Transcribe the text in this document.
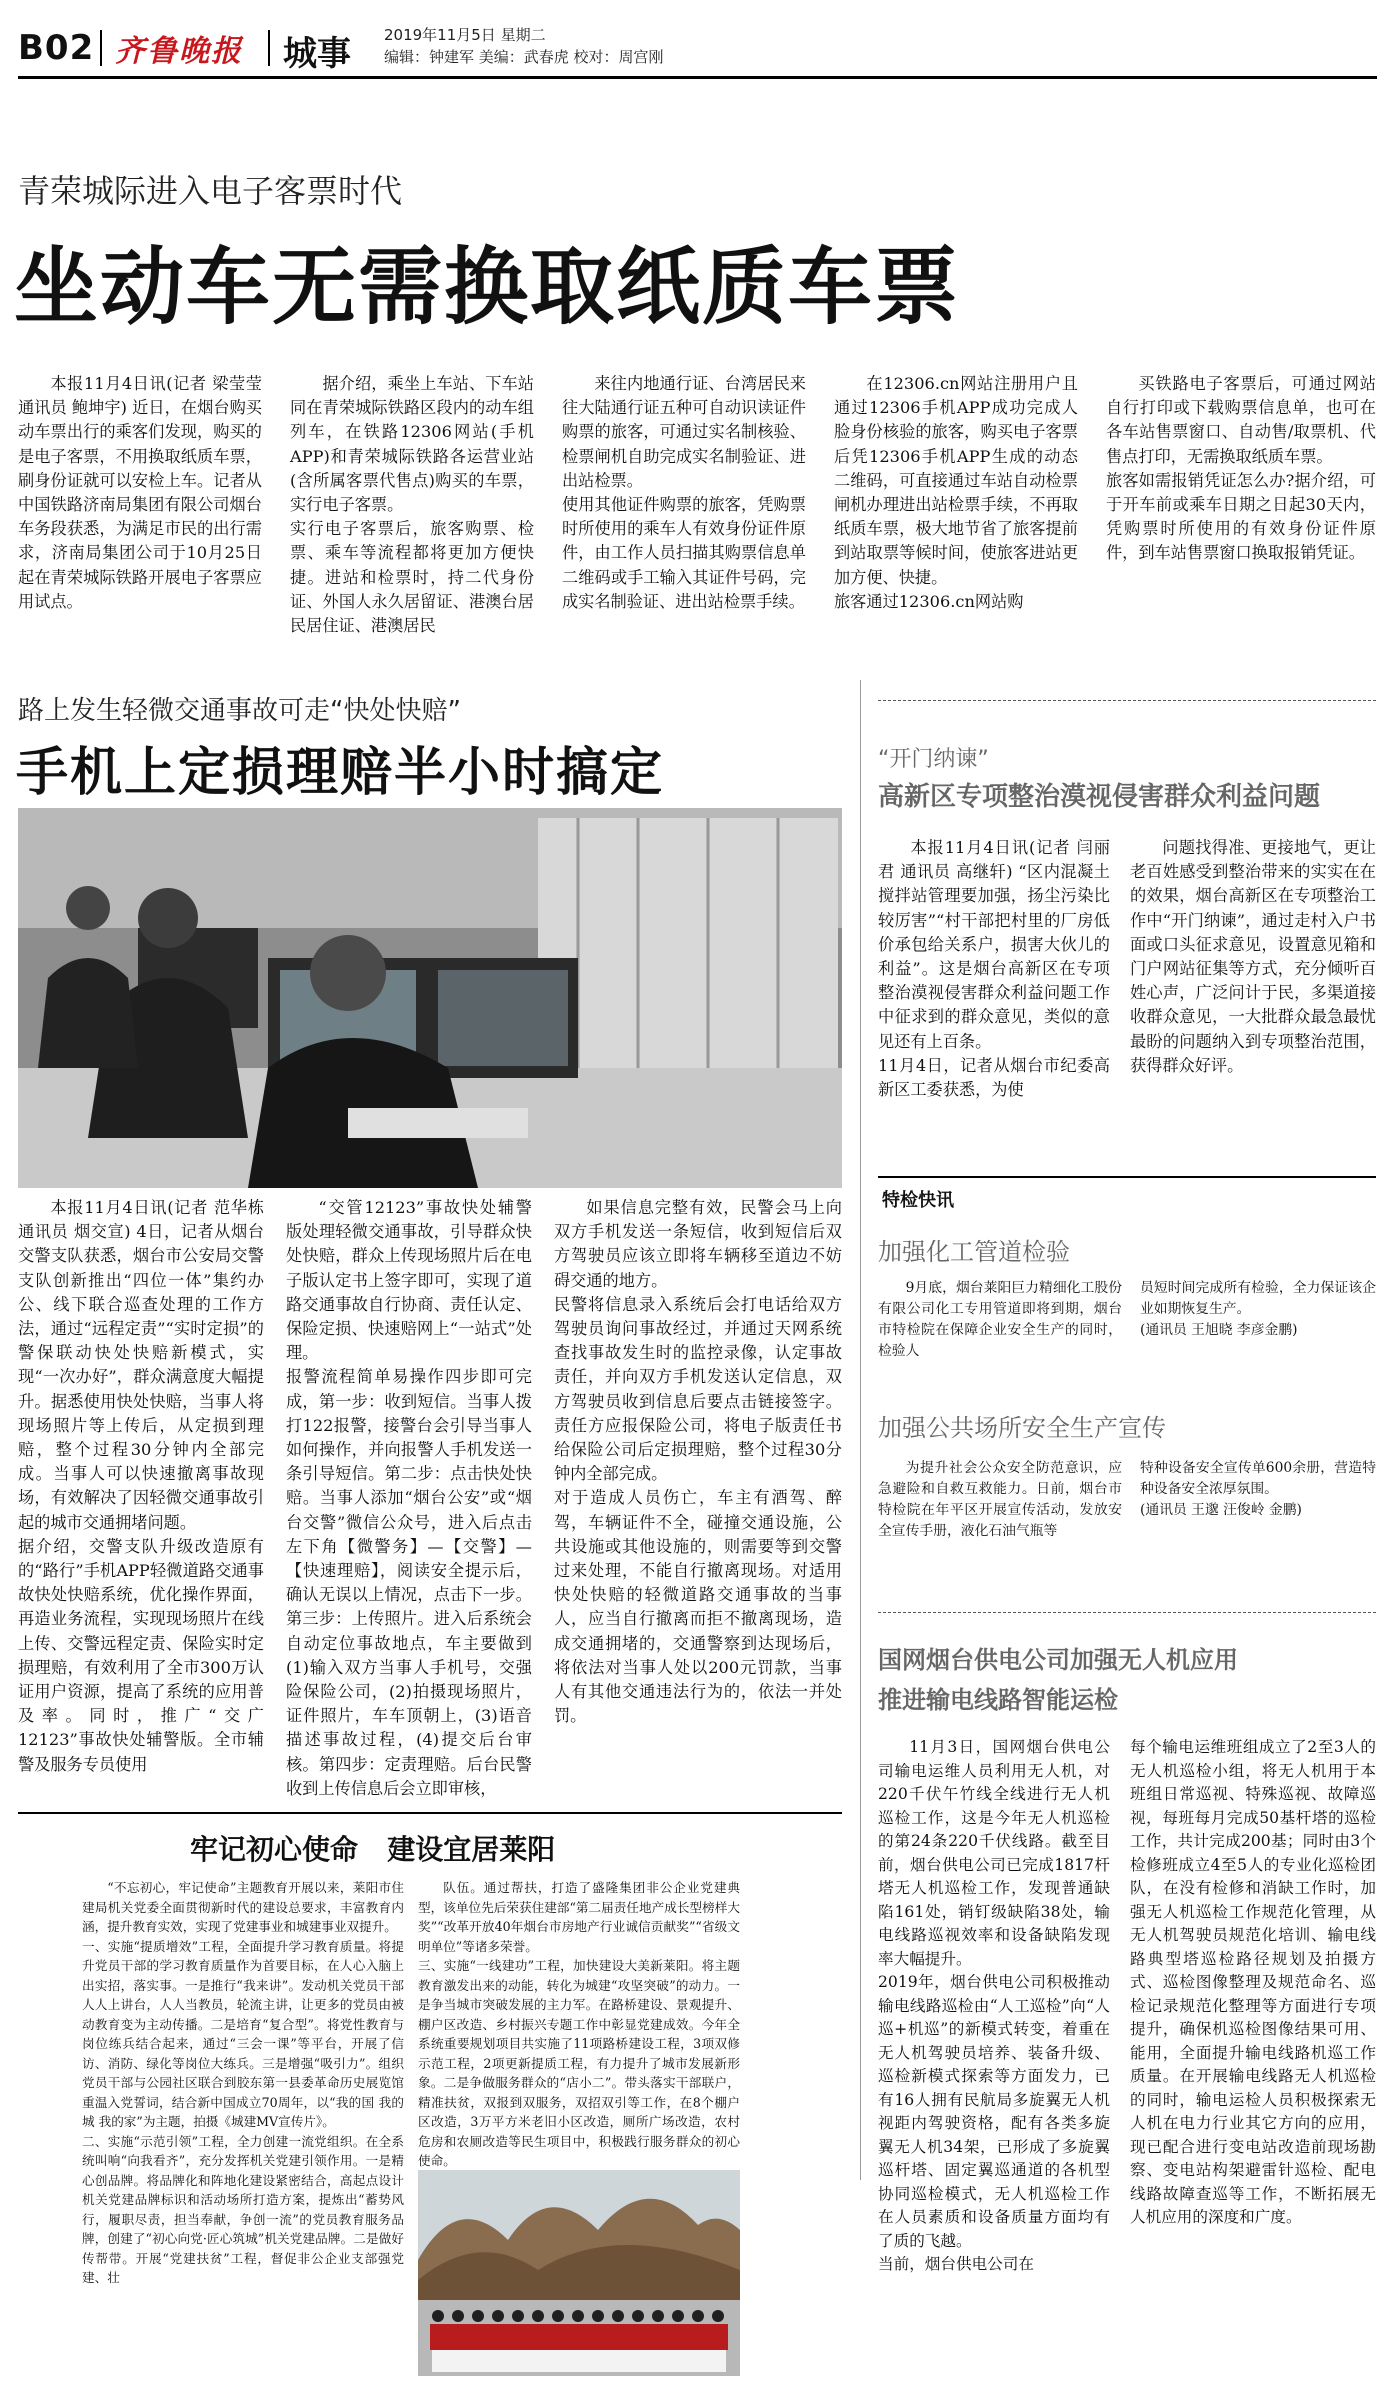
B02 齐鲁晚报 城事 2019年11月5日 星期二
编辑：钟建军 美编：武春虎 校对：周宫刚
青荣城际进入电子客票时代
坐动车无需换取纸质车票
本报11月4日讯(记者 梁莹莹 通讯员 鲍坤宇) 近日，在烟台购买动车票出行的乘客们发现，购买的是电子客票，不用换取纸质车票，刷身份证就可以安检上车。记者从中国铁路济南局集团有限公司烟台车务段获悉，为满足市民的出行需求，济南局集团公司于10月25日起在青荣城际铁路开展电子客票应用试点。
据介绍，乘坐上车站、下车站同在青荣城际铁路区段内的动车组列车，在铁路12306网站(手机APP)和青荣城际铁路各运营业站(含所属客票代售点)购买的车票，实行电子客票。
实行电子客票后，旅客购票、检票、乘车等流程都将更加方便快捷。进站和检票时，持二代身份证、外国人永久居留证、港澳台居民居住证、港澳居民
来往内地通行证、台湾居民来往大陆通行证五种可自动识读证件购票的旅客，可通过实名制核验、检票闸机自助完成实名制验证、进出站检票。
使用其他证件购票的旅客，凭购票时所使用的乘车人有效身份证件原件，由工作人员扫描其购票信息单二维码或手工输入其证件号码，完成实名制验证、进出站检票手续。
在12306.cn网站注册用户且通过12306手机APP成功完成人脸身份核验的旅客，购买电子客票后凭12306手机APP生成的动态二维码，可直接通过车站自动检票闸机办理进出站检票手续，不再取纸质车票，极大地节省了旅客提前到站取票等候时间，使旅客进站更加方便、快捷。
旅客通过12306.cn网站购
买铁路电子客票后，可通过网站自行打印或下载购票信息单，也可在各车站售票窗口、自动售/取票机、代售点打印，无需换取纸质车票。
旅客如需报销凭证怎么办?据介绍，可于开车前或乘车日期之日起30天内，凭购票时所使用的有效身份证件原件，到车站售票窗口换取报销凭证。
路上发生轻微交通事故可走“快处快赔”
手机上定损理赔半小时搞定
本报11月4日讯(记者 范华栋 通讯员 烟交宣) 4日，记者从烟台交警支队获悉，烟台市公安局交警支队创新推出“四位一体”集约办公、线下联合巡查处理的工作方法，通过“远程定责”“实时定损”的警保联动快处快赔新模式，实现“一次办好”，群众满意度大幅提升。据悉使用快处快赔，当事人将现场照片等上传后，从定损到理赔，整个过程30分钟内全部完成。当事人可以快速撤离事故现场，有效解决了因轻微交通事故引起的城市交通拥堵问题。
据介绍，交警支队升级改造原有的“路行”手机APP轻微道路交通事故快处快赔系统，优化操作界面，再造业务流程，实现现场照片在线上传、交警远程定责、保险实时定损理赔，有效利用了全市300万认证用户资源，提高了系统的应用普及率。同时，推广“交广12123”事故快处辅警版。全市辅警及服务专员使用
“交管12123”事故快处辅警版处理轻微交通事故，引导群众快处快赔，群众上传现场照片后在电子版认定书上签字即可，实现了道路交通事故自行协商、责任认定、保险定损、快速赔网上“一站式”处理。
报警流程简单易操作四步即可完成，第一步：收到短信。当事人拨打122报警，接警台会引导当事人如何操作，并向报警人手机发送一条引导短信。第二步：点击快处快赔。当事人添加“烟台公安”或“烟台交警”微信公众号，进入后点击左下角【微警务】—【交警】—【快速理赔】，阅读安全提示后，确认无误以上情况，点击下一步。第三步：上传照片。进入后系统会自动定位事故地点，车主要做到(1)输入双方当事人手机号，交强险保险公司，(2)拍摄现场照片，证件照片，车车顶朝上，(3)语音描述事故过程，(4)提交后台审核。第四步：定责理赔。后台民警收到上传信息后会立即审核，
如果信息完整有效，民警会马上向双方手机发送一条短信，收到短信后双方驾驶员应该立即将车辆移至道边不妨碍交通的地方。
民警将信息录入系统后会打电话给双方驾驶员询问事故经过，并通过天网系统查找事故发生时的监控录像，认定事故责任，并向双方手机发送认定信息，双方驾驶员收到信息后要点击链接签字。责任方应报保险公司，将电子版责任书给保险公司后定损理赔，整个过程30分钟内全部完成。
对于造成人员伤亡，车主有酒驾、醉驾，车辆证件不全，碰撞交通设施，公共设施或其他设施的，则需要等到交警过来处理，不能自行撤离现场。对适用快处快赔的轻微道路交通事故的当事人，应当自行撤离而拒不撤离现场，造成交通拥堵的，交通警察到达现场后，将依法对当事人处以200元罚款，当事人有其他交通违法行为的，依法一并处罚。
“开门纳谏”
高新区专项整治漠视侵害群众利益问题
本报11月4日讯(记者 闫丽君 通讯员 高继轩) “区内混凝土搅拌站管理要加强，扬尘污染比较厉害”“村干部把村里的厂房低价承包给关系户，损害大伙儿的利益”。这是烟台高新区在专项整治漠视侵害群众利益问题工作中征求到的群众意见，类似的意见还有上百条。
11月4日，记者从烟台市纪委高新区工委获悉，为使
问题找得准、更接地气，更让老百姓感受到整治带来的实实在在的效果，烟台高新区在专项整治工作中“开门纳谏”，通过走村入户书面或口头征求意见，设置意见箱和门户网站征集等方式，充分倾听百姓心声，广泛问计于民，多渠道接收群众意见，一大批群众最急最忧最盼的问题纳入到专项整治范围，获得群众好评。
特检快讯
加强化工管道检验
9月底，烟台莱阳巨力精细化工股份有限公司化工专用管道即将到期，烟台市特检院在保障企业安全生产的同时，检验人
员短时间完成所有检验，全力保证该企业如期恢复生产。
(通讯员 王旭晓 李彦金鹏)
加强公共场所安全生产宣传
为提升社会公众安全防范意识，应急避险和自救互救能力。日前，烟台市特检院在年平区开展宣传活动，发放安全宣传手册，液化石油气瓶等
特种设备安全宣传单600余册，营造特种设备安全浓厚氛围。
(通讯员 王邈 汪俊岭 金鹏)
国网烟台供电公司加强无人机应用
推进输电线路智能运检
11月3日，国网烟台供电公司输电运维人员利用无人机，对220千伏午竹线全线进行无人机巡检工作，这是今年无人机巡检的第24条220千伏线路。截至目前，烟台供电公司已完成1817杆塔无人机巡检工作，发现普通缺陷161处，销钉级缺陷38处，输电线路巡视效率和设备缺陷发现率大幅提升。
2019年，烟台供电公司积极推动输电线路巡检由“人工巡检”向“人巡+机巡”的新模式转变，着重在无人机驾驶员培养、装备升级、巡检新模式探索等方面发力，已有16人拥有民航局多旋翼无人机视距内驾驶资格，配有各类多旋翼无人机34架，已形成了多旋翼巡杆塔、固定翼巡通道的各机型协同巡检模式，无人机巡检工作在人员素质和设备质量方面均有了质的飞越。
当前，烟台供电公司在
每个输电运维班组成立了2至3人的无人机巡检小组，将无人机用于本班组日常巡视、特殊巡视、故障巡视，每班每月完成50基杆塔的巡检工作，共计完成200基；同时由3个检修班成立4至5人的专业化巡检团队，在没有检修和消缺工作时，加强无人机巡检工作规范化管理，从无人机驾驶员规范化培训、输电线路典型塔巡检路径规划及拍摄方式、巡检图像整理及规范命名、巡检记录规范化整理等方面进行专项提升，确保机巡检图像结果可用、能用，全面提升输电线路机巡工作质量。在开展输电线路无人机巡检的同时，输电运检人员积极探索无人机在电力行业其它方向的应用，现已配合进行变电站改造前现场勘察、变电站构架避雷针巡检、配电线路故障查巡等工作，不断拓展无人机应用的深度和广度。
牢记初心使命   建设宜居莱阳
“不忘初心，牢记使命”主题教育开展以来，莱阳市住建局机关党委全面贯彻新时代的建设总要求，丰富教育内涵，提升教育实效，实现了党建事业和城建事业双提升。
一、实施“提质增效”工程，全面提升学习教育质量。将提升党员干部的学习教育质量作为首要目标，在人心入脑上出实招，落实事。一是推行“我来讲”。发动机关党员干部人人上讲台，人人当教员，轮流主讲，让更多的党员由被动教育变为主动传播。二是培育“复合型”。将党性教育与岗位练兵结合起来，通过“三会一课”等平台，开展了信访、消防、绿化等岗位大练兵。三是增强“吸引力”。组织党员干部与公园社区联合到胶东第一县委革命历史展览馆重温入党誓词，结合新中国成立70周年，以“我的国 我的城 我的家”为主题，拍摄《城建MV宣传片》。
二、实施“示范引领”工程，全力创建一流党组织。在全系统叫响“向我看齐”，充分发挥机关党建引领作用。一是精心创品牌。将品牌化和阵地化建设紧密结合，高起点设计机关党建品牌标识和活动场所打造方案，提炼出“蓄势风行，履职尽责，担当奉献，争创一流”的党员教育服务品牌，创建了“初心向党·匠心筑城”机关党建品牌。二是做好传帮带。开展“党建扶贫”工程，督促非公企业支部强党建、壮
队伍。通过帮扶，打造了盛隆集团非公企业党建典型，该单位先后荣获住建部“第二届责任地产成长型榜样大奖”“改革开放40年烟台市房地产行业诚信贡献奖”“省级文明单位”等诸多荣誉。
三、实施“一线建功”工程，加快建设大美新莱阳。将主题教育激发出来的动能，转化为城建“攻坚突破”的动力。一是争当城市突破发展的主力军。在路桥建设、景观提升、棚户区改造、乡村振兴专题工作中彰显党建成效。今年全系统重要规划项目共实施了11项路桥建设工程，3项双修示范工程，2项更新提质工程，有力提升了城市发展新形象。二是争做服务群众的“店小二”。带头落实干部联户，精准扶贫，双报到双服务，双招双引等工作，在8个棚户区改造，3万平方米老旧小区改造，厕所广场改造，农村危房和农厕改造等民生项目中，积极践行服务群众的初心使命。
